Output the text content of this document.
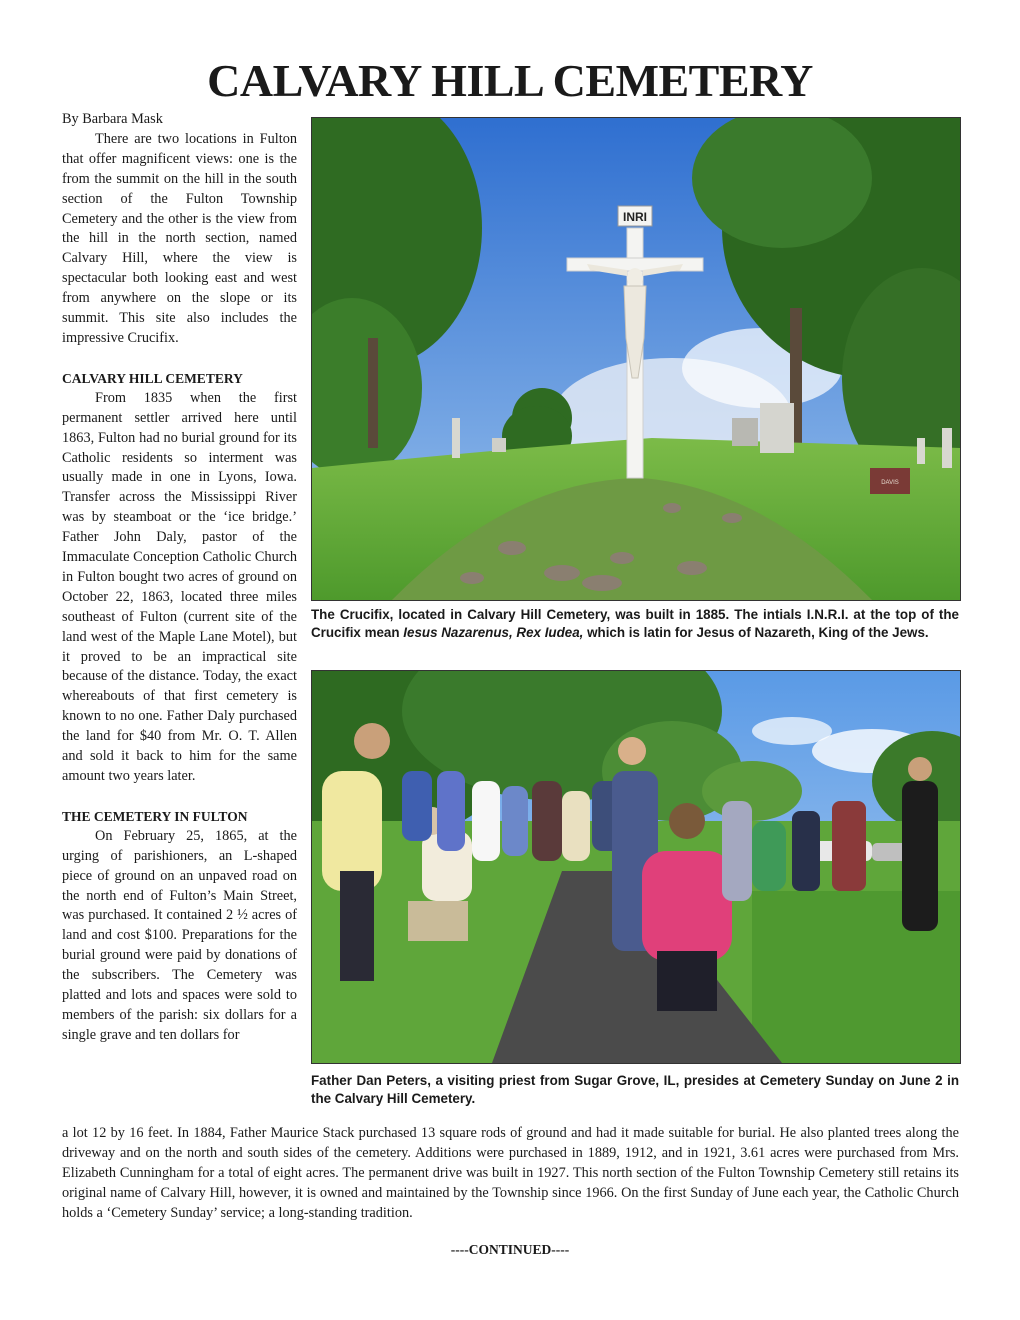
CALVARY HILL CEMETERY

By Barbara Mask

There are two locations in Fulton that offer magnificent views: one is the from the summit on the hill in the south section of the Fulton Township Cemetery and the other is the view from the hill in the north section, named Calvary Hill, where the view is spectacular both looking east and west from anywhere on the slope or its summit. This site also includes the impressive Crucifix.

CALVARY HILL CEMETERY

From 1835 when the first permanent settler arrived here until 1863, Fulton had no burial ground for its Catholic residents so interment was usually made in one in Lyons, Iowa. Transfer across the Mississippi River was by steamboat or the ‘ice bridge.’ Father John Daly, pastor of the Immaculate Conception Catholic Church in Fulton bought two acres of ground on October 22, 1863, located three miles southeast of Fulton (current site of the land west of the Maple Lane Motel), but it proved to be an impractical site because of the distance. Today, the exact whereabouts of that first cemetery is known to no one. Father Daly purchased the land for $40 from Mr. O. T. Allen and sold it back to him for the same amount two years later.

THE CEMETERY IN FULTON

On February 25, 1865, at the urging of parishioners, an L-shaped piece of ground on an unpaved road on the north end of Fulton’s Main Street, was purchased. It contained 2 ½ acres of land and cost $100. Preparations for the burial ground were paid by donations of the subscribers. The Cemetery was platted and lots and spaces were sold to members of the parish: six dollars for a single grave and ten dollars for

DAVIS
INRI
The Crucifix, located in Calvary Hill Cemetery, was built in 1885. The intials I.N.R.I. at the top of the Crucifix mean Iesus Nazarenus, Rex Iudea, which is latin for Jesus of Nazareth, King of the Jews.
Father Dan Peters, a visiting priest from Sugar Grove, IL, presides at Cemetery Sunday on June 2 in the Calvary Hill Cemetery.
a lot 12 by 16 feet. In 1884, Father Maurice Stack purchased 13 square rods of ground and had it made suitable for burial. He also planted trees along the driveway and on the north and south sides of the cemetery. Additions were purchased in 1889, 1912, and in 1921, 3.61 acres were purchased from Mrs. Elizabeth Cunningham for a total of eight acres. The permanent drive was built in 1927. This north section of the Fulton Township Cemetery still retains its original name of Calvary Hill, however, it is owned and maintained by the Township since 1966. On the first Sunday of June each year, the Catholic Church holds a ‘Cemetery Sunday’ service; a long-standing tradition.
----CONTINUED----
